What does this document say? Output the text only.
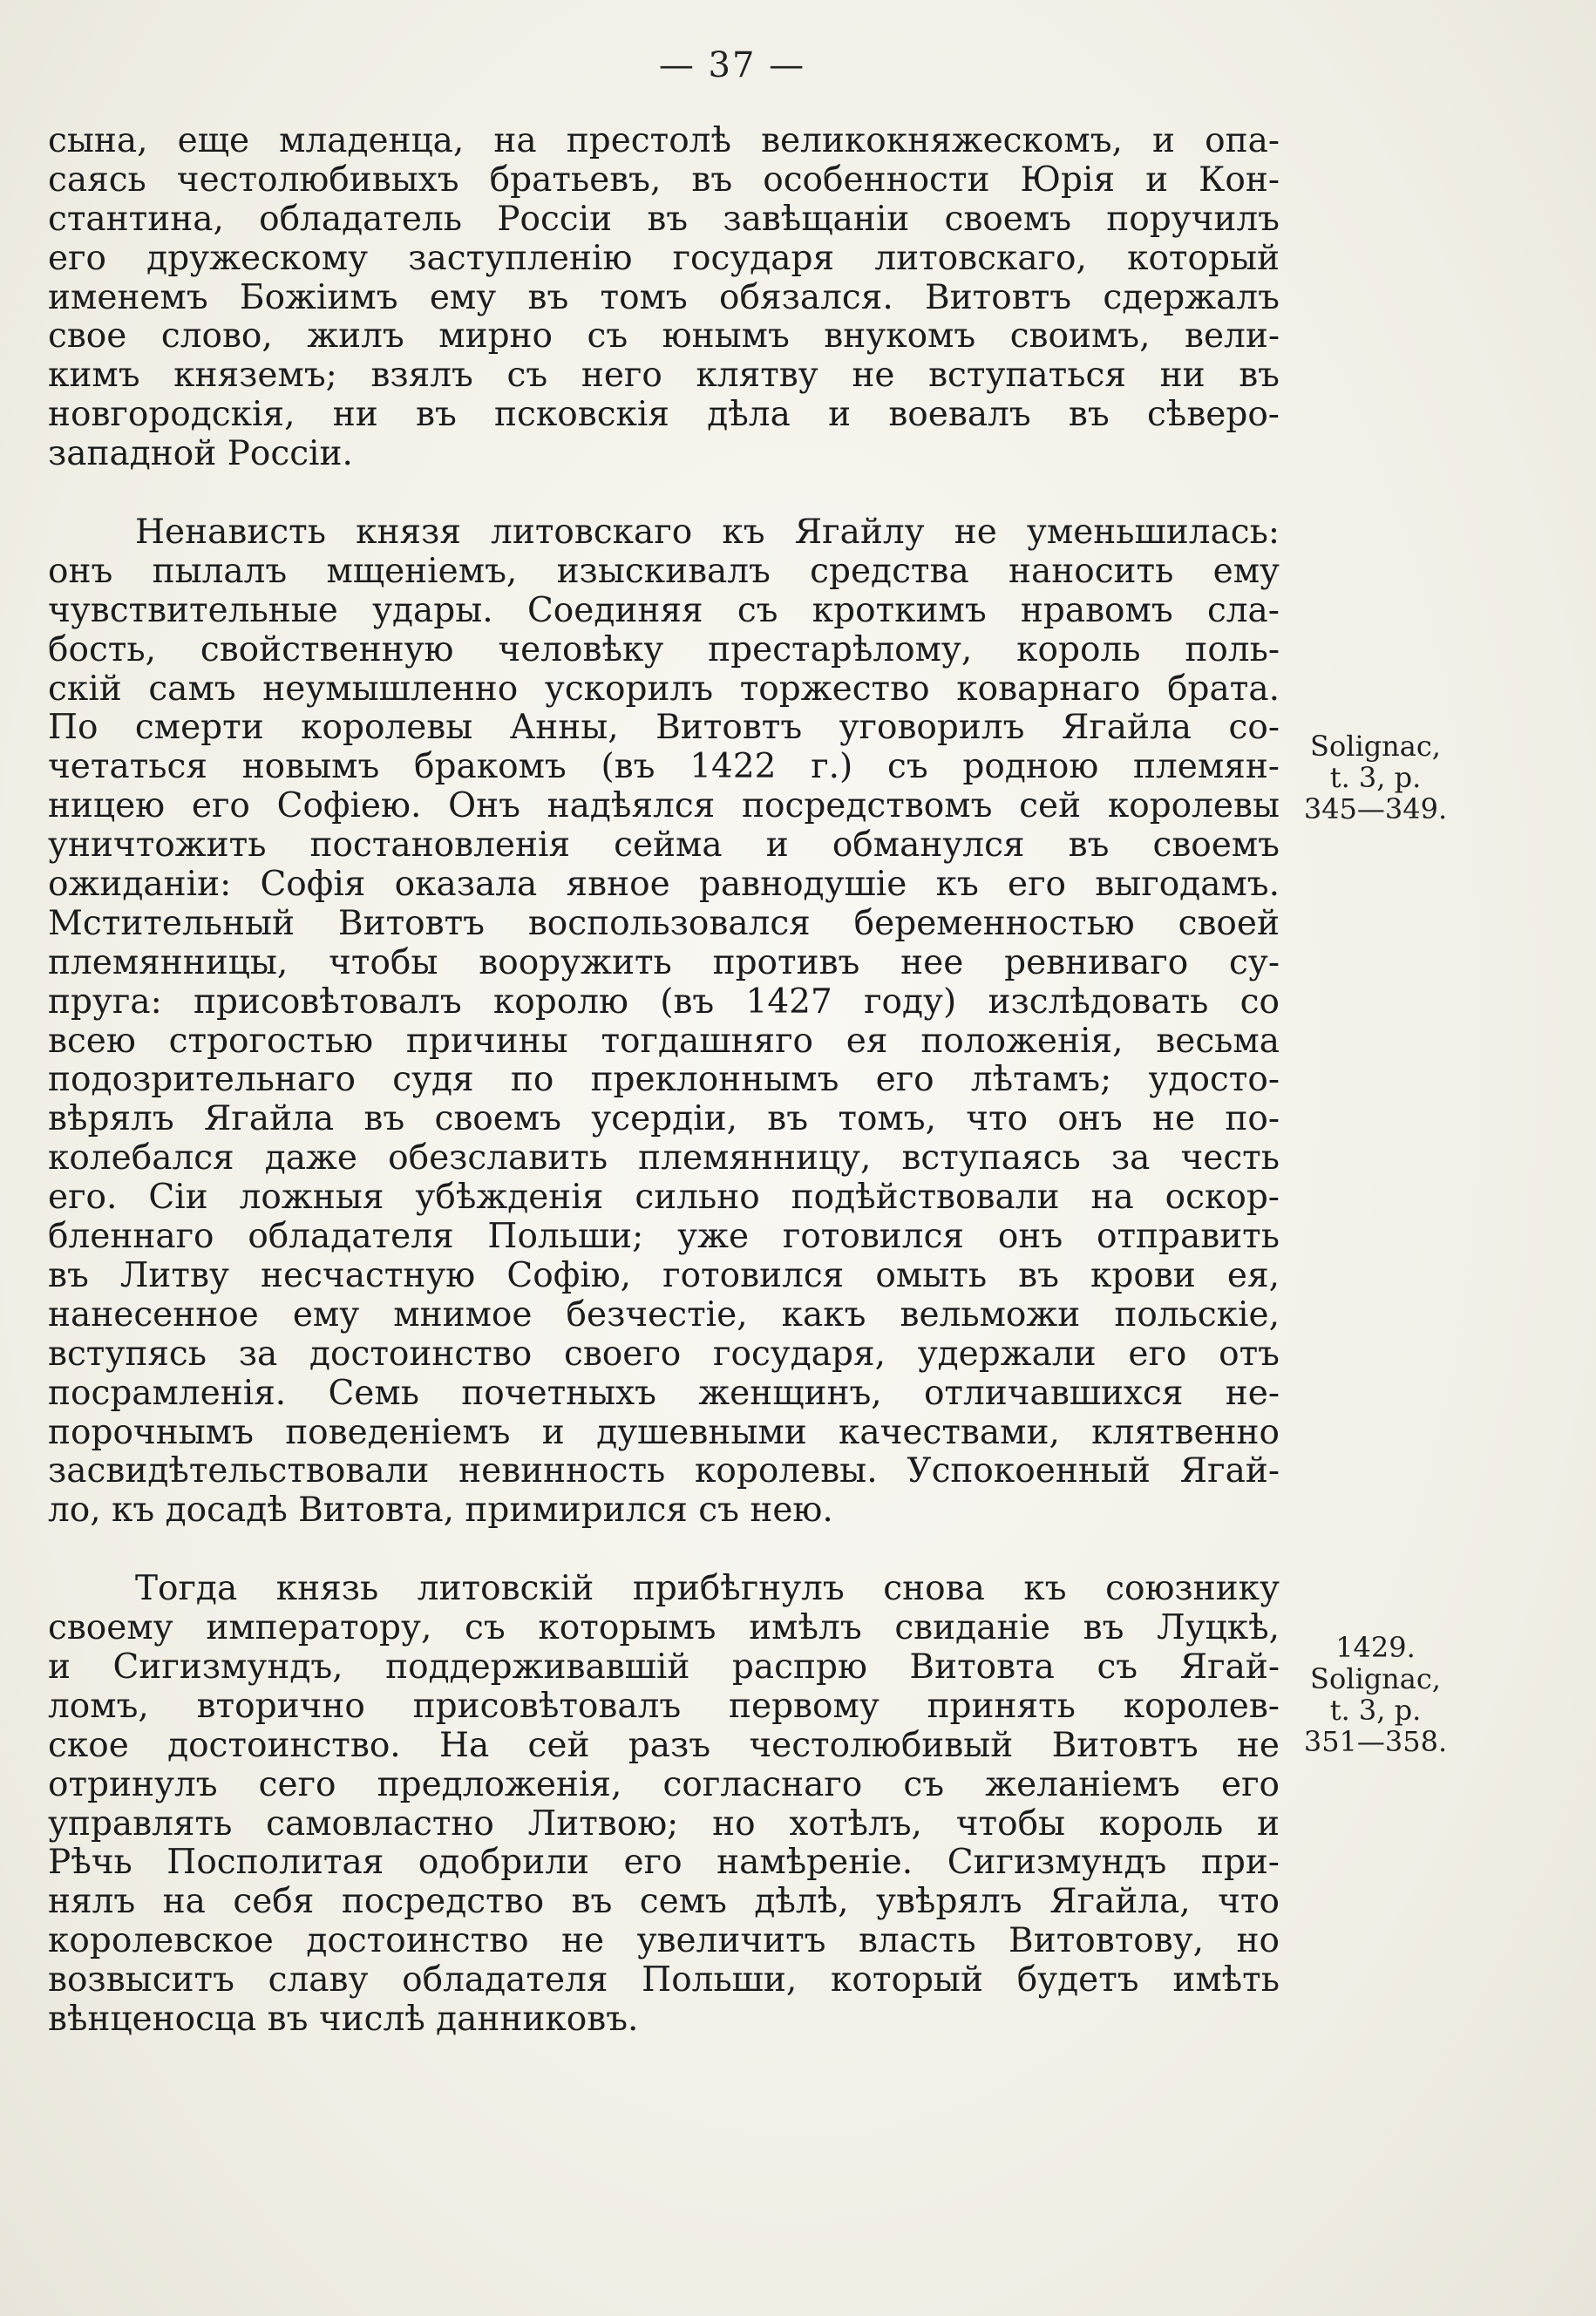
— 37 —
сына, еще младенца, на престолѣ великокняжескомъ, и опа-
саясь честолюбивыхъ братьевъ, въ особенности Юрія и Кон-
стантина, обладатель Россіи въ завѣщаніи своемъ поручилъ
его дружескому заступленію государя литовскаго, который
именемъ Божіимъ ему въ томъ обязался. Витовтъ сдержалъ
свое слово, жилъ мирно съ юнымъ внукомъ своимъ, вели-
кимъ княземъ; взялъ съ него клятву не вступаться ни въ
новгородскія, ни въ псковскія дѣла и воевалъ въ сѣверо-
западной Россіи.
Ненависть князя литовскаго къ Ягайлу не уменьшилась:
онъ пылалъ мщеніемъ, изыскивалъ средства наносить ему
чувствительные удары. Соединяя съ кроткимъ нравомъ сла-
бость, свойственную человѣку престарѣлому, король поль-
скій самъ неумышленно ускорилъ торжество коварнаго брата.
По смерти королевы Анны, Витовтъ уговорилъ Ягайла со-
четаться новымъ бракомъ (въ 1422 г.) съ родною племян-
ницею его Софіею. Онъ надѣялся посредствомъ сей королевы
уничтожить постановленія сейма и обманулся въ своемъ
ожиданіи: Софія оказала явное равнодушіе къ его выгодамъ.
Мстительный Витовтъ воспользовался беременностью своей
племянницы, чтобы вооружить противъ нее ревниваго су-
пруга: присовѣтовалъ королю (въ 1427 году) изслѣдовать со
всею строгостью причины тогдашняго ея положенія, весьма
подозрительнаго судя по преклоннымъ его лѣтамъ; удосто-
вѣрялъ Ягайла въ своемъ усердіи, въ томъ, что онъ не по-
колебался даже обезславить племянницу, вступаясь за честь
его. Сіи ложныя убѣжденія сильно подѣйствовали на оскор-
бленнаго обладателя Польши; уже готовился онъ отправить
въ Литву несчастную Софію, готовился омыть въ крови ея,
нанесенное ему мнимое безчестіе, какъ вельможи польскіе,
вступясь за достоинство своего государя, удержали его отъ
посрамленія. Семь почетныхъ женщинъ, отличавшихся не-
порочнымъ поведеніемъ и душевными качествами, клятвенно
засвидѣтельствовали невинность королевы. Успокоенный Ягай-
ло, къ досадѣ Витовта, примирился съ нею.
Тогда князь литовскій прибѣгнулъ снова къ союзнику
своему императору, съ которымъ имѣлъ свиданіе въ Луцкѣ,
и Сигизмундъ, поддерживавшій распрю Витовта съ Ягай-
ломъ, вторично присовѣтовалъ первому принять королев-
ское достоинство. На сей разъ честолюбивый Витовтъ не
отринулъ сего предложенія, согласнаго съ желаніемъ его
управлять самовластно Литвою; но хотѣлъ, чтобы король и
Рѣчь Посполитая одобрили его намѣреніе. Сигизмундъ при-
нялъ на себя посредство въ семъ дѣлѣ, увѣрялъ Ягайла, что
королевское достоинство не увеличитъ власть Витовтову, но
возвыситъ славу обладателя Польши, который будетъ имѣть
вѣнценосца въ числѣ данниковъ.
Solignac,
t. 3, p.
345—349.
1429.
Solignac,
t. 3, p.
351—358.
